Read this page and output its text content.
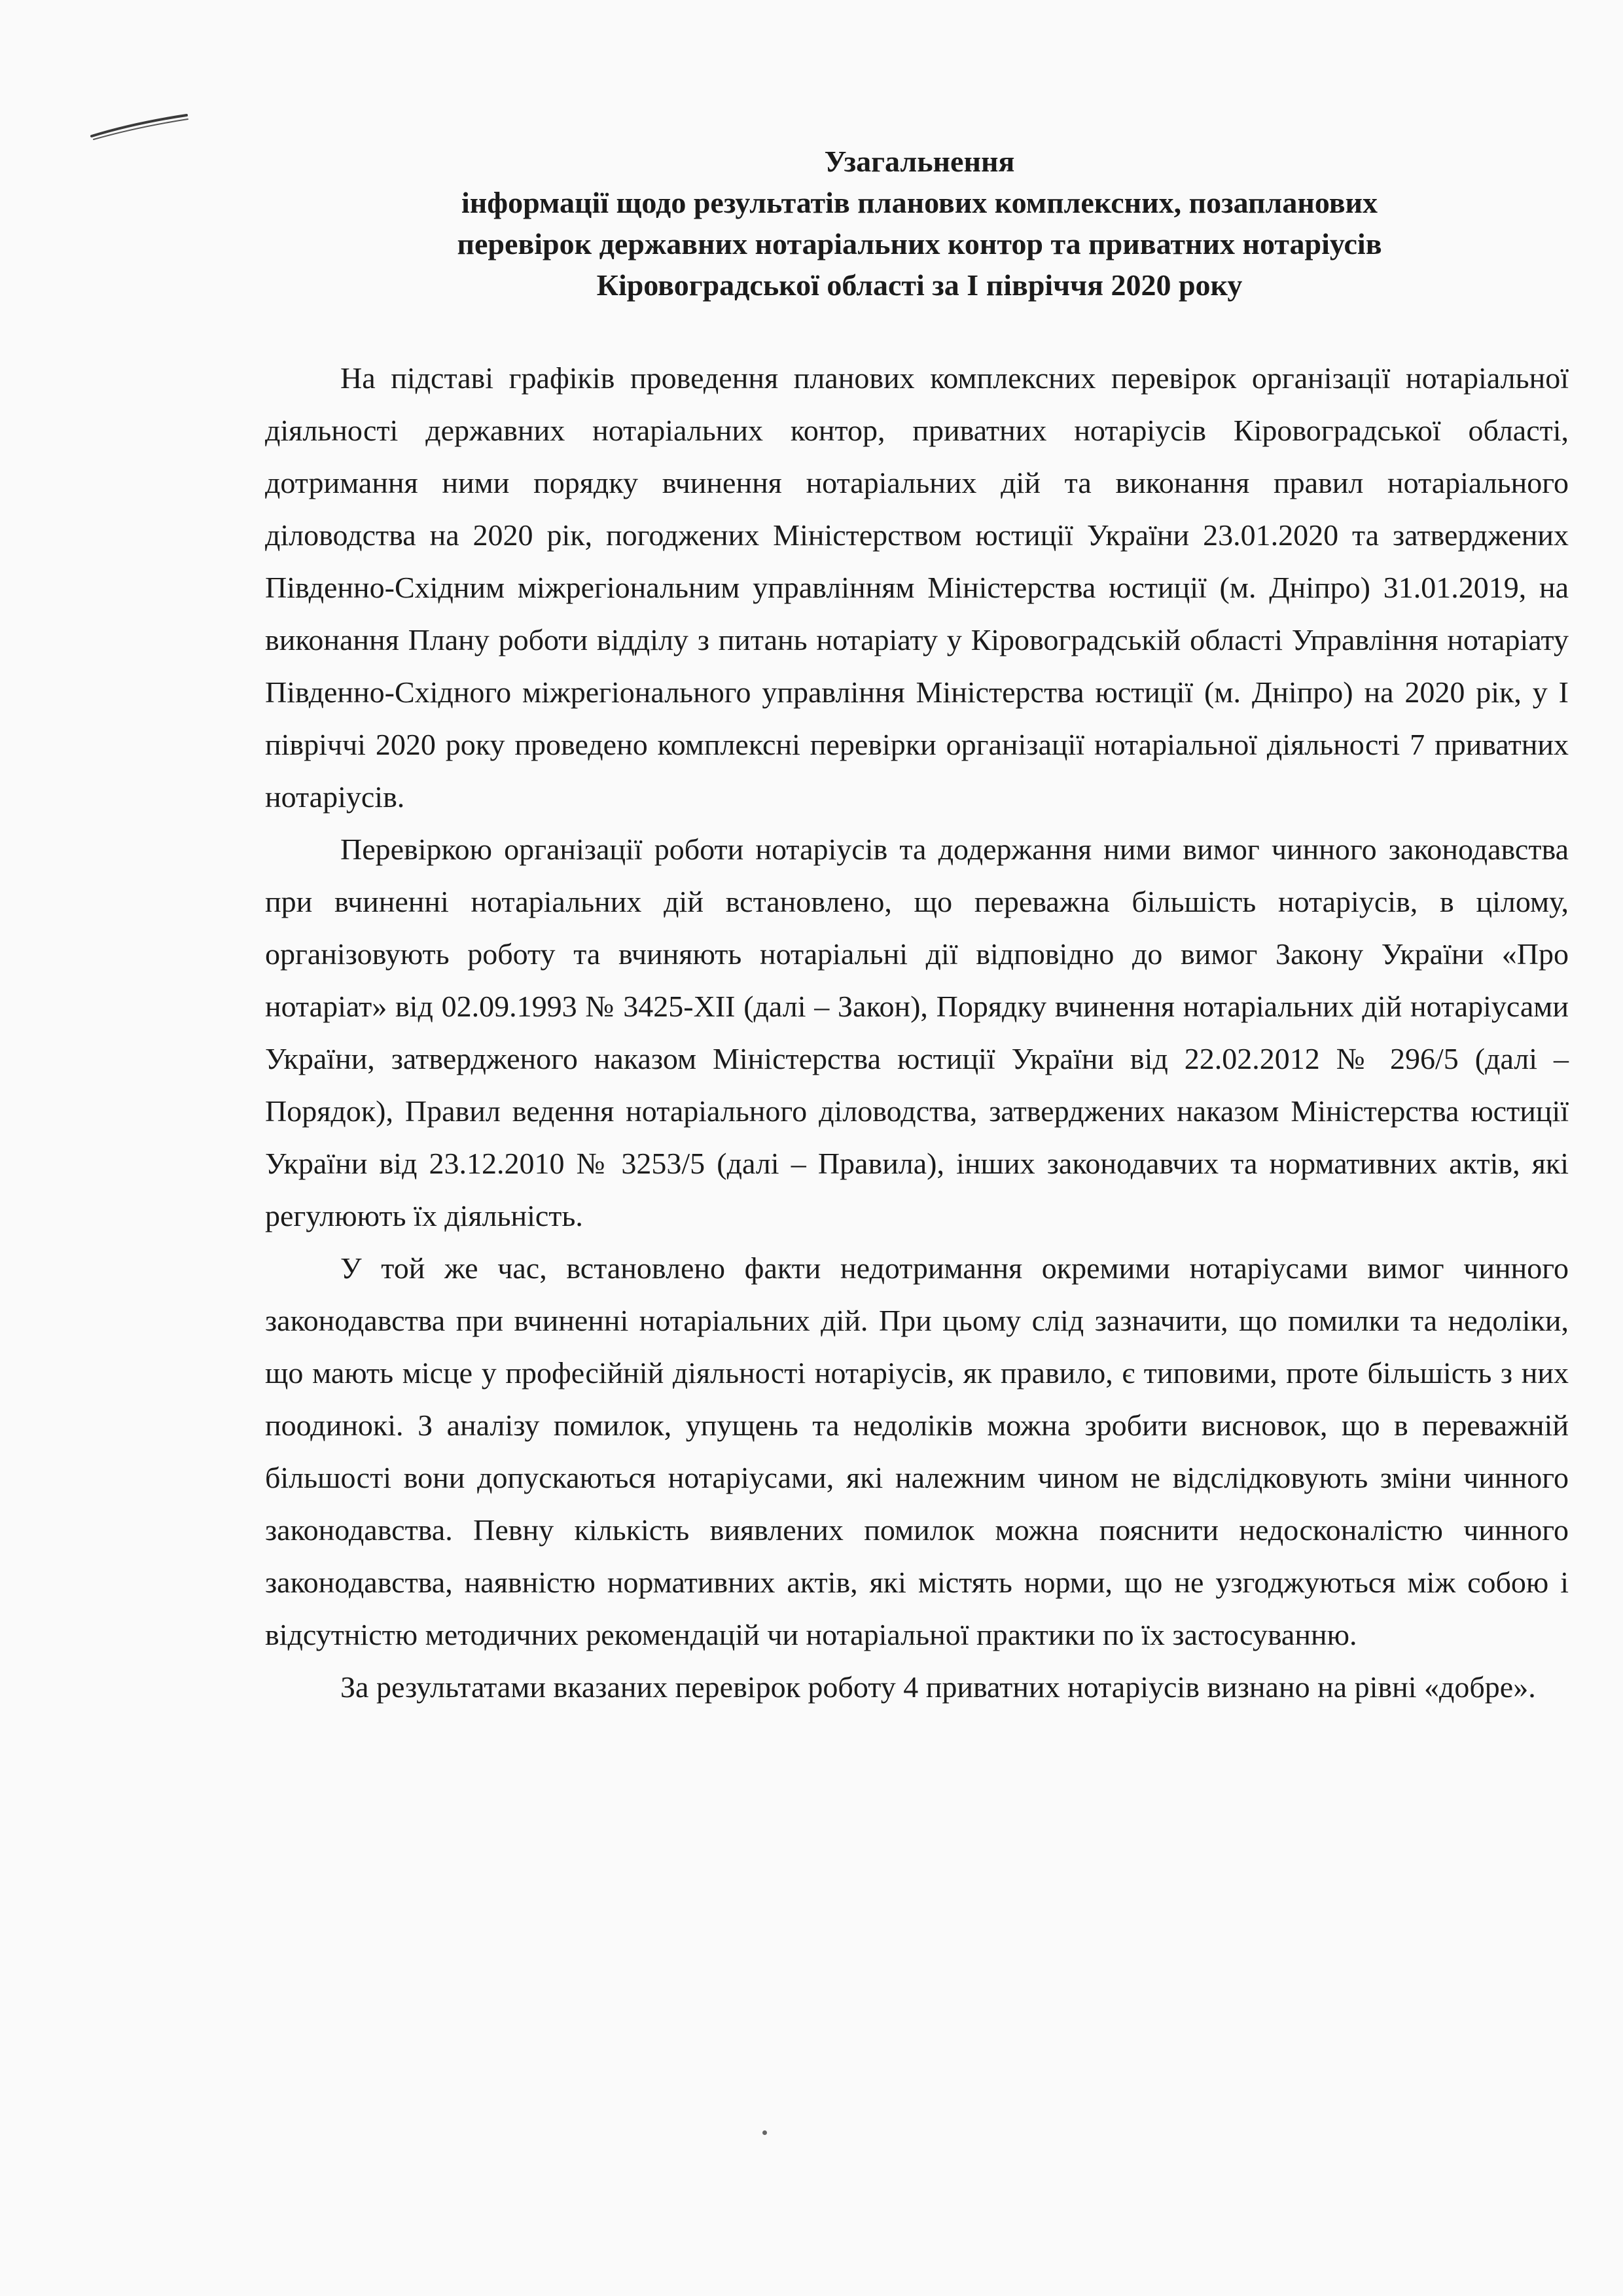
Узагальнення
інформації щодо результатів планових комплексних, позапланових
перевірок державних нотаріальних контор та приватних нотаріусів
Кіровоградської області за І півріччя 2020 року

На підставі графіків проведення планових комплексних перевірок організації нотаріальної діяльності державних нотаріальних контор, приватних нотаріусів Кіровоградської області, дотримання ними порядку вчинення нотаріальних дій та виконання правил нотаріального діловодства на 2020 рік, погоджених Міністерством юстиції України 23.01.2020 та затверджених Південно-Східним міжрегіональним управлінням Міністерства юстиції (м. Дніпро) 31.01.2019, на виконання Плану роботи відділу з питань нотаріату у Кіровоградській області Управління нотаріату Південно-Східного міжрегіонального управління Міністерства юстиції (м. Дніпро) на 2020 рік, у І півріччі 2020 року проведено комплексні перевірки організації нотаріальної діяльності 7 приватних нотаріусів.

Перевіркою організації роботи нотаріусів та додержання ними вимог чинного законодавства при вчиненні нотаріальних дій встановлено, що переважна більшість нотаріусів, в цілому, організовують роботу та вчиняють нотаріальні дії відповідно до вимог Закону України «Про нотаріат» від 02.09.1993 № 3425-XII (далі – Закон), Порядку вчинення нотаріальних дій нотаріусами України, затвердженого наказом Міністерства юстиції України від 22.02.2012 № 296/5 (далі – Порядок), Правил ведення нотаріального діловодства, затверджених наказом Міністерства юстиції України від 23.12.2010 № 3253/5 (далі – Правила), інших законодавчих та нормативних актів, які регулюють їх діяльність.

У той же час, встановлено факти недотримання окремими нотаріусами вимог чинного законодавства при вчиненні нотаріальних дій. При цьому слід зазначити, що помилки та недоліки, що мають місце у професійній діяльності нотаріусів, як правило, є типовими, проте більшість з них поодинокі. З аналізу помилок, упущень та недоліків можна зробити висновок, що в переважній більшості вони допускаються нотаріусами, які належним чином не відслідковують зміни чинного законодавства. Певну кількість виявлених помилок можна пояснити недосконалістю чинного законодавства, наявністю нормативних актів, які містять норми, що не узгоджуються між собою і відсутністю методичних рекомендацій чи нотаріальної практики по їх застосуванню.

За результатами вказаних перевірок роботу 4 приватних нотаріусів визнано на рівні «добре».
